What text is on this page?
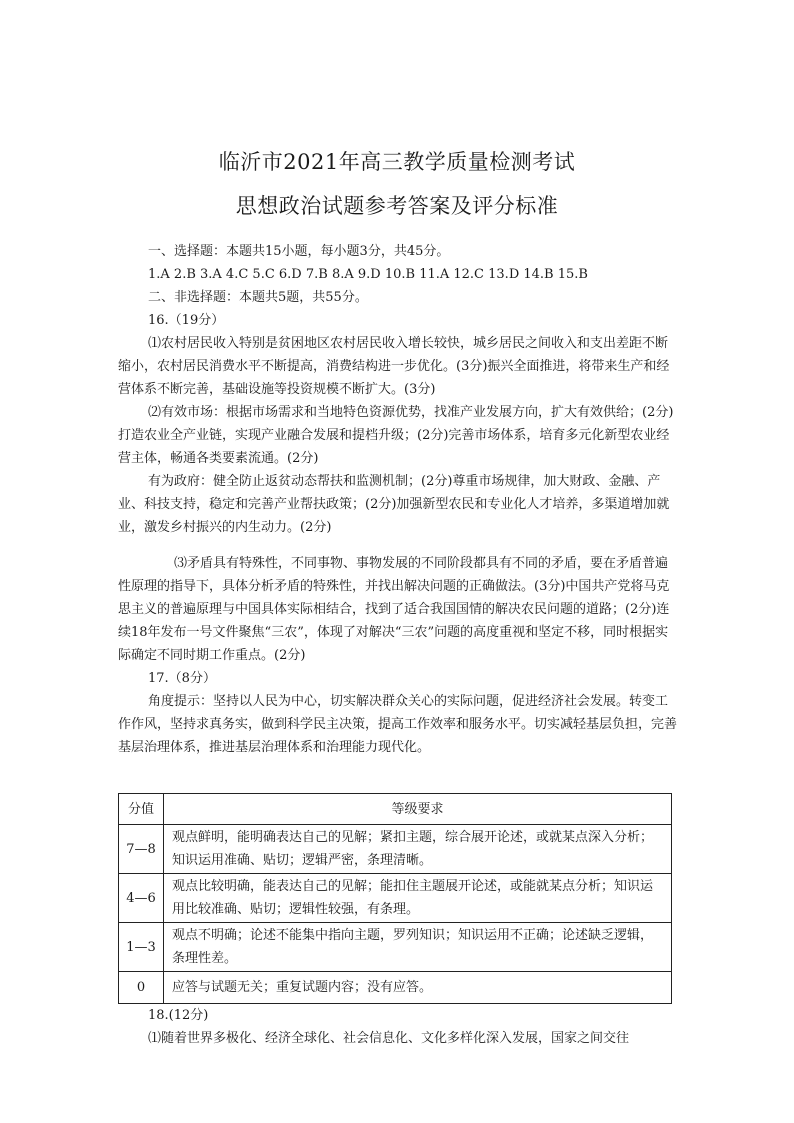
临沂市2021年高三教学质量检测考试
思想政治试题参考答案及评分标准

一、选择题：本题共15小题，每小题3分，共45分。

1.A 2.B 3.A 4.C 5.C 6.D 7.B 8.A 9.D 10.B 11.A 12.C 13.D 14.B 15.B

二、非选择题：本题共5题，共55分。

16.（19分）

⑴农村居民收入特别是贫困地区农村居民收入增长较快，城乡居民之间收入和支出差距不断缩小，农村居民消费水平不断提高，消费结构进一步优化。(3分)振兴全面推进，将带来生产和经营体系不断完善，基础设施等投资规模不断扩大。(3分)

⑵有效市场：根据市场需求和当地特色资源优势，找准产业发展方向，扩大有效供给；(2分)打造农业全产业链，实现产业融合发展和提档升级；(2分)完善市场体系，培育多元化新型农业经营主体，畅通各类要素流通。(2分)

有为政府：健全防止返贫动态帮扶和监测机制；(2分)尊重市场规律，加大财政、金融、产业、科技支持，稳定和完善产业帮扶政策；(2分)加强新型农民和专业化人才培养，多渠道增加就业，激发乡村振兴的内生动力。(2分)

⑶矛盾具有特殊性，不同事物、事物发展的不同阶段都具有不同的矛盾，要在矛盾普遍性原理的指导下，具体分析矛盾的特殊性，并找出解决问题的正确做法。(3分)中国共产党将马克思主义的普遍原理与中国具体实际相结合，找到了适合我国国情的解决农民问题的道路；(2分)连续18年发布一号文件聚焦“三农”，体现了对解决“三农”问题的高度重视和坚定不移，同时根据实际确定不同时期工作重点。(2分)

17.（8分）

角度提示：坚持以人民为中心，切实解决群众关心的实际问题，促进经济社会发展。转变工作作风，坚持求真务实，做到科学民主决策，提高工作效率和服务水平。切实减轻基层负担，完善基层治理体系，推进基层治理体系和治理能力现代化。

分值	等级要求
7—8	观点鲜明，能明确表达自己的见解；紧扣主题，综合展开论述，或就某点深入分析；知识运用准确、贴切；逻辑严密，条理清晰。
4—6	观点比较明确，能表达自己的见解；能扣住主题展开论述，或能就某点分析；知识运用比较准确、贴切；逻辑性较强，有条理。
1—3	观点不明确；论述不能集中指向主题，罗列知识；知识运用不正确；论述缺乏逻辑，条理性差。
0	应答与试题无关；重复试题内容；没有应答。

18.(12分)

⑴随着世界多极化、经济全球化、社会信息化、文化多样化深入发展，国家之间交往
